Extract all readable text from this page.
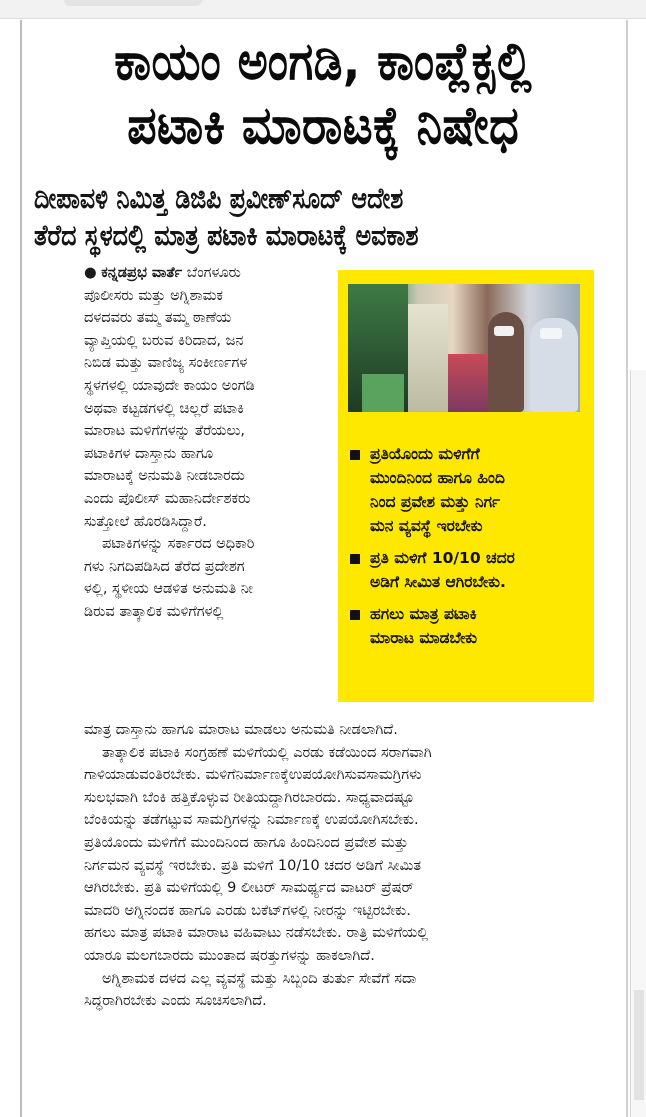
ಕಾಯಂ ಅಂಗಡಿ, ಕಾಂಪ್ಲೆಕ್ಸಲ್ಲಿ
ಪಟಾಕಿ ಮಾರಾಟಕ್ಕೆ ನಿಷೇಧ
ದೀಪಾವಳಿ ನಿಮಿತ್ತ ಡಿಜಿಪಿ ಪ್ರವೀಣ್‌ಸೂದ್ ಆದೇಶ
ತೆರೆದ ಸ್ಥಳದಲ್ಲಿ ಮಾತ್ರ ಪಟಾಕಿ ಮಾರಾಟಕ್ಕೆ ಅವಕಾಶ
● ಕನ್ನಡಪ್ರಭ ವಾರ್ತೆ ಬೆಂಗಳೂರು
ಪೊಲೀಸರು ಮತ್ತು ಅಗ್ನಿಶಾಮಕ
ದಳದವರು ತಮ್ಮ ತಮ್ಮ ಠಾಣೆಯ
ವ್ಯಾಪ್ತಿಯಲ್ಲಿ ಬರುವ ಕಿರಿದಾದ, ಜನ
ನಿಬಿಡ ಮತ್ತು ವಾಣಿಜ್ಯ ಸಂಕೀರ್ಣಗಳ
ಸ್ಥಳಗಳಲ್ಲಿ ಯಾವುದೇ ಕಾಯಂ ಅಂಗಡಿ
ಅಥವಾ ಕಟ್ಟಡಗಳಲ್ಲಿ ಚಿಲ್ಲರೆ ಪಟಾಕಿ
ಮಾರಾಟ ಮಳಿಗೆಗಳನ್ನು ತೆರೆಯಲು,
ಪಟಾಕಿಗಳ ದಾಸ್ತಾನು ಹಾಗೂ
ಮಾರಾಟಕ್ಕೆ ಅನುಮತಿ ನೀಡಬಾರದು
ಎಂದು ಪೊಲೀಸ್ ಮಹಾನಿರ್ದೇಶಕರು
ಸುತ್ತೋಲೆ ಹೊರಡಿಸಿದ್ದಾರೆ.
ಪಟಾಕಿಗಳನ್ನು ಸರ್ಕಾರದ ಅಧಿಕಾರಿ
ಗಳು ನಿಗದಿಪಡಿಸಿದ ತೆರೆದ ಪ್ರದೇಶಗ
ಳಲ್ಲಿ, ಸ್ಥಳೀಯ ಆಡಳಿತ ಅನುಮತಿ ನೀ
ಡಿರುವ ತಾತ್ಕಾಲಿಕ ಮಳಿಗೆಗಳಲ್ಲಿ
ಪ್ರತಿಯೊಂದು ಮಳಿಗೆಗೆ
ಮುಂದಿನಿಂದ ಹಾಗೂ ಹಿಂದಿ
ನಿಂದ ಪ್ರವೇಶ ಮತ್ತು ನಿರ್ಗ
ಮನ ವ್ಯವಸ್ಥೆ ಇರಬೇಕು
ಪ್ರತಿ ಮಳಿಗೆ 10/10 ಚದರ
ಅಡಿಗೆ ಸೀಮಿತ ಆಗಿರಬೇಕು.
ಹಗಲು ಮಾತ್ರ ಪಟಾಕಿ
ಮಾರಾಟ ಮಾಡಬೇಕು
ಮಾತ್ರ ದಾಸ್ತಾನು ಹಾಗೂ ಮಾರಾಟ ಮಾಡಲು ಅನುಮತಿ ನೀಡಲಾಗಿದೆ.
ತಾತ್ಕಾಲಿಕ ಪಟಾಕಿ ಸಂಗ್ರಹಣೆ ಮಳಿಗೆಯಲ್ಲಿ ಎರಡು ಕಡೆಯಿಂದ ಸರಾಗವಾಗಿ
ಗಾಳಿಯಾಡುವಂತಿರಬೇಕು. ಮಳಿಗೆನಿರ್ಮಾಣಕ್ಕೆಉಪಯೋಗಿಸುವಸಾಮಗ್ರಿಗಳು
ಸುಲಭವಾಗಿ ಬೆಂಕಿ ಹತ್ತಿಕೊಳ್ಳುವ ರೀತಿಯದ್ದಾಗಿರಬಾರದು. ಸಾಧ್ಯವಾದಷ್ಟೂ
ಬೆಂಕಿಯನ್ನು ತಡೆಗಟ್ಟುವ ಸಾಮಗ್ರಿಗಳನ್ನು ನಿರ್ಮಾಣಕ್ಕೆ ಉಪಯೋಗಿಸಬೇಕು.
ಪ್ರತಿಯೊಂದು ಮಳಿಗೆಗೆ ಮುಂದಿನಿಂದ ಹಾಗೂ ಹಿಂದಿನಿಂದ ಪ್ರವೇಶ ಮತ್ತು
ನಿರ್ಗಮನ ವ್ಯವಸ್ಥೆ ಇರಬೇಕು. ಪ್ರತಿ ಮಳಿಗೆ 10/10 ಚದರ ಅಡಿಗೆ ಸೀಮಿತ
ಆಗಿರಬೇಕು. ಪ್ರತಿ ಮಳಿಗೆಯಲ್ಲಿ 9 ಲೀಟರ್ ಸಾಮರ್ಥ್ಯದ ವಾಟರ್ ಪ್ರೆಷರ್
ಮಾದರಿ ಅಗ್ನಿನಂದಕ ಹಾಗೂ ಎರಡು ಬಕೆಟ್‌ಗಳಲ್ಲಿ ನೀರನ್ನು ಇಟ್ಟಿರಬೇಕು.
ಹಗಲು ಮಾತ್ರ ಪಟಾಕಿ ಮಾರಾಟ ವಹಿವಾಟು ನಡೆಸಬೇಕು. ರಾತ್ರಿ ಮಳಿಗೆಯಲ್ಲಿ
ಯಾರೂ ಮಲಗಬಾರದು ಮುಂತಾದ ಷರತ್ತುಗಳನ್ನು ಹಾಕಲಾಗಿದೆ.
ಅಗ್ನಿಶಾಮಕ ದಳದ ಎಲ್ಲ ವ್ಯವಸ್ಥೆ ಮತ್ತು ಸಿಬ್ಬಂದಿ ತುರ್ತು ಸೇವೆಗೆ ಸದಾ
ಸಿದ್ಧರಾಗಿರಬೇಕು ಎಂದು ಸೂಚಿಸಲಾಗಿದೆ.
